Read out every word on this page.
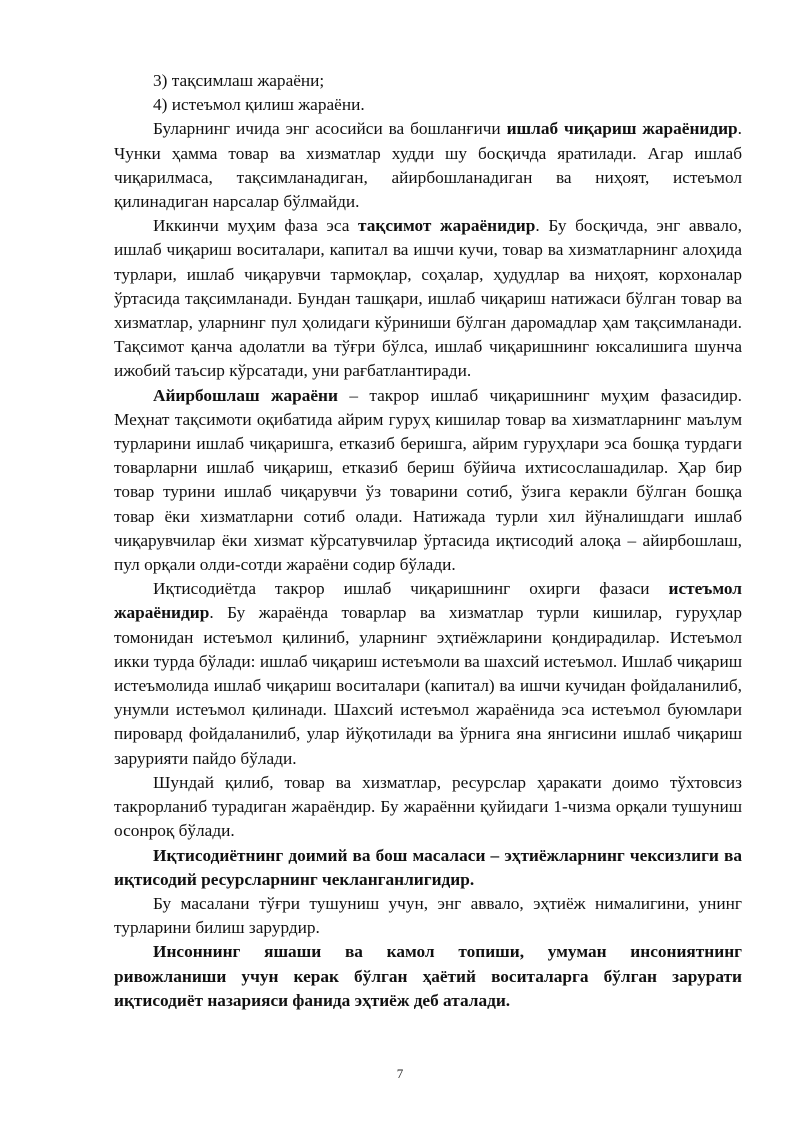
3) тақсимлаш жараёни;

4) истеъмол қилиш жараёни.

Буларнинг ичида энг асосийси ва бошланғичи ишлаб чиқариш жараёнидир. Чунки ҳамма товар ва хизматлар худди шу босқичда яратилади. Агар ишлаб чиқарилмаса, тақсимланадиган, айирбошланадиган ва ниҳоят, истеъмол қилинадиган нарсалар бўлмайди.

Иккинчи муҳим фаза эса тақсимот жараёнидир. Бу босқичда, энг аввало, ишлаб чиқариш воситалари, капитал ва ишчи кучи, товар ва хизматларнинг алоҳида турлари, ишлаб чиқарувчи тармоқлар, соҳалар, ҳудудлар ва ниҳоят, корхоналар ўртасида тақсимланади. Бундан ташқари, ишлаб чиқариш натижаси бўлган товар ва хизматлар, уларнинг пул ҳолидаги кўриниши бўлган даромадлар ҳам тақсимланади. Тақсимот қанча адолатли ва тўғри бўлса, ишлаб чиқаришнинг юксалишига шунча ижобий таъсир кўрсатади, уни рағбатлантиради.

Айирбошлаш жараёни – такрор ишлаб чиқаришнинг муҳим фазасидир. Меҳнат тақсимоти оқибатида айрим гуруҳ кишилар товар ва хизматларнинг маълум турларини ишлаб чиқаришга, етказиб беришга, айрим гуруҳлари эса бошқа турдаги товарларни ишлаб чиқариш, етказиб бериш бўйича ихтисослашадилар. Ҳар бир товар турини ишлаб чиқарувчи ўз товарини сотиб, ўзига керакли бўлган бошқа товар ёки хизматларни сотиб олади. Натижада турли хил йўналишдаги ишлаб чиқарувчилар ёки хизмат кўрсатувчилар ўртасида иқтисодий алоқа – айирбошлаш, пул орқали олди-сотди жараёни содир бўлади.

Иқтисодиётда такрор ишлаб чиқаришнинг охирги фазаси истеъмол жараёнидир. Бу жараёнда товарлар ва хизматлар турли кишилар, гуруҳлар томонидан истеъмол қилиниб, уларнинг эҳтиёжларини қондирадилар. Истеъмол икки турда бўлади: ишлаб чиқариш истеъмоли ва шахсий истеъмол. Ишлаб чиқариш истеъмолида ишлаб чиқариш воситалари (капитал) ва ишчи кучидан фойдаланилиб, унумли истеъмол қилинади. Шахсий истеъмол жараёнида эса истеъмол буюмлари пировард фойдаланилиб, улар йўқотилади ва ўрнига яна янгисини ишлаб чиқариш зарурияти пайдо бўлади.

Шундай қилиб, товар ва хизматлар, ресурслар ҳаракати доимо тўхтовсиз такрорланиб турадиган жараёндир. Бу жараённи қуйидаги 1-чизма орқали тушуниш осонроқ бўлади.

Иқтисодиётнинг доимий ва бош масаласи – эҳтиёжларнинг чексизлиги ва иқтисодий ресурсларнинг чекланганлигидир.

Бу масалани тўғри тушуниш учун, энг аввало, эҳтиёж нималигини, унинг турларини билиш зарурдир.

Инсоннинг яшаши ва камол топиши, умуман инсониятнинг ривожланиши учун керак бўлган ҳаётий воситаларга бўлган зарурати иқтисодиёт назарияси фанида эҳтиёж деб аталади.

7
